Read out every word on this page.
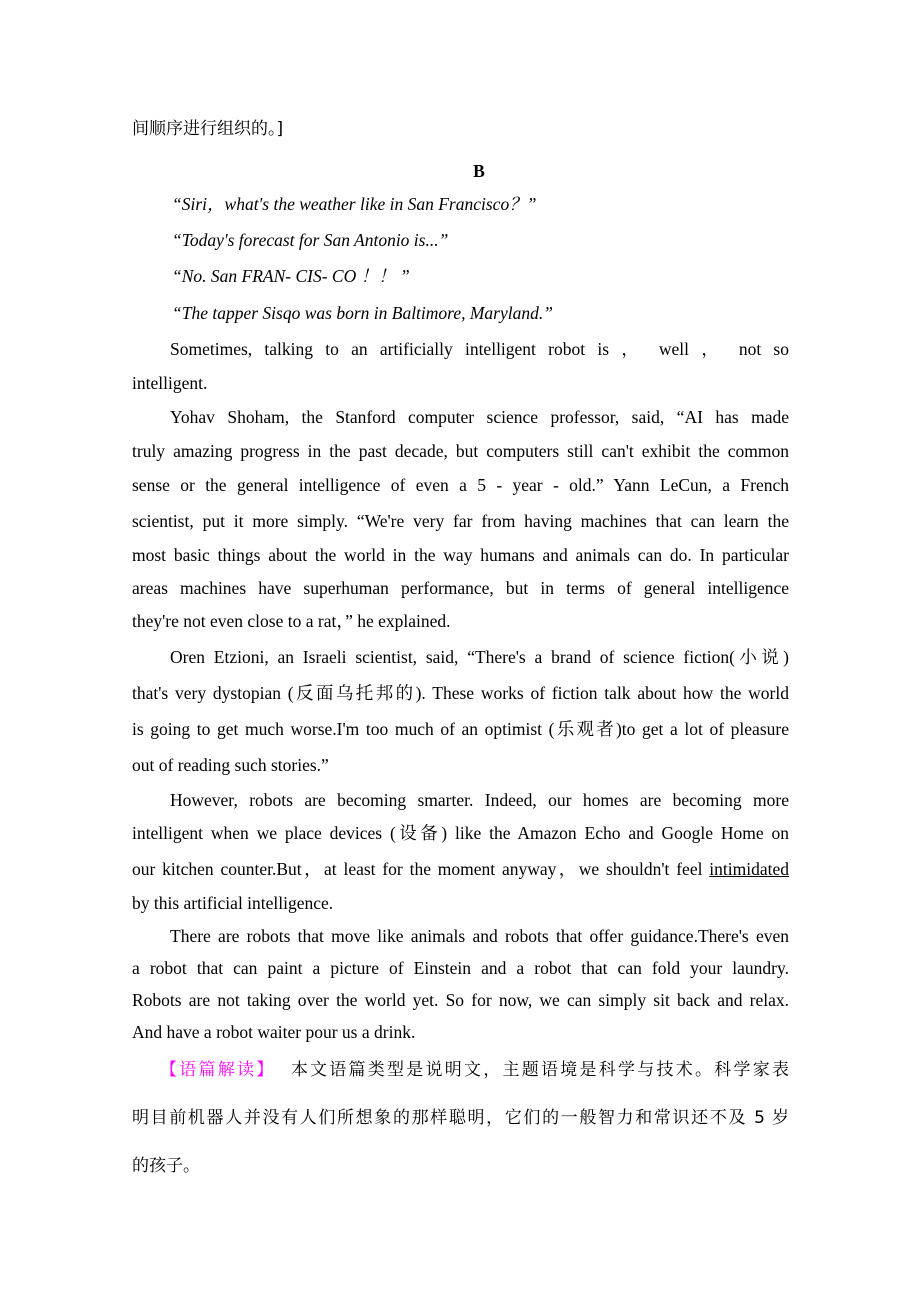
间顺序进行组织的。]
B
“Siri，what's the weather like in San Francisco？”
“Today's forecast for San Antonio is...”
“No. San FRAN- CIS- CO ！！ ”
“The tapper Sisqo was born in Baltimore, Maryland.”
Sometimes, talking to an artificially intelligent robot is ， well ， not so
intelligent.
Yohav Shoham, the Stanford computer science professor, said, “AI has made
truly amazing progress in the past decade, but computers still can't exhibit the common
sense or the general intelligence of even a 5 - year - old.” Yann LeCun, a French
scientist, put it more simply. “We're very far from having machines that can learn the
most basic things about the world in the way humans and animals can do. In particular
areas machines have superhuman performance, but in terms of general intelligence
they're not even close to a rat，” he explained.
Oren Etzioni, an Israeli scientist, said, “There's a brand of science fiction(小说)
that's very dystopian (反面乌托邦的). These works of fiction talk about how the world
is going to get much worse.I'm too much of an optimist (乐观者)to get a lot of pleasure
out of reading such stories.”
However, robots are becoming smarter. Indeed, our homes are becoming more
intelligent when we place devices (设备) like the Amazon Echo and Google Home on
our kitchen counter.But，at least for the moment anyway，we shouldn't feel intimidated
by this artificial intelligence.
There are robots that move like animals and robots that offer guidance.There's even
a robot that can paint a picture of Einstein and a robot that can fold your laundry.
Robots are not taking over the world yet. So for now, we can simply sit back and relax.
And have a robot waiter pour us a drink.
【语篇解读】 本文语篇类型是说明文，主题语境是科学与技术。科学家表
明目前机器人并没有人们所想象的那样聪明，它们的一般智力和常识还不及 5 岁
的孩子。
